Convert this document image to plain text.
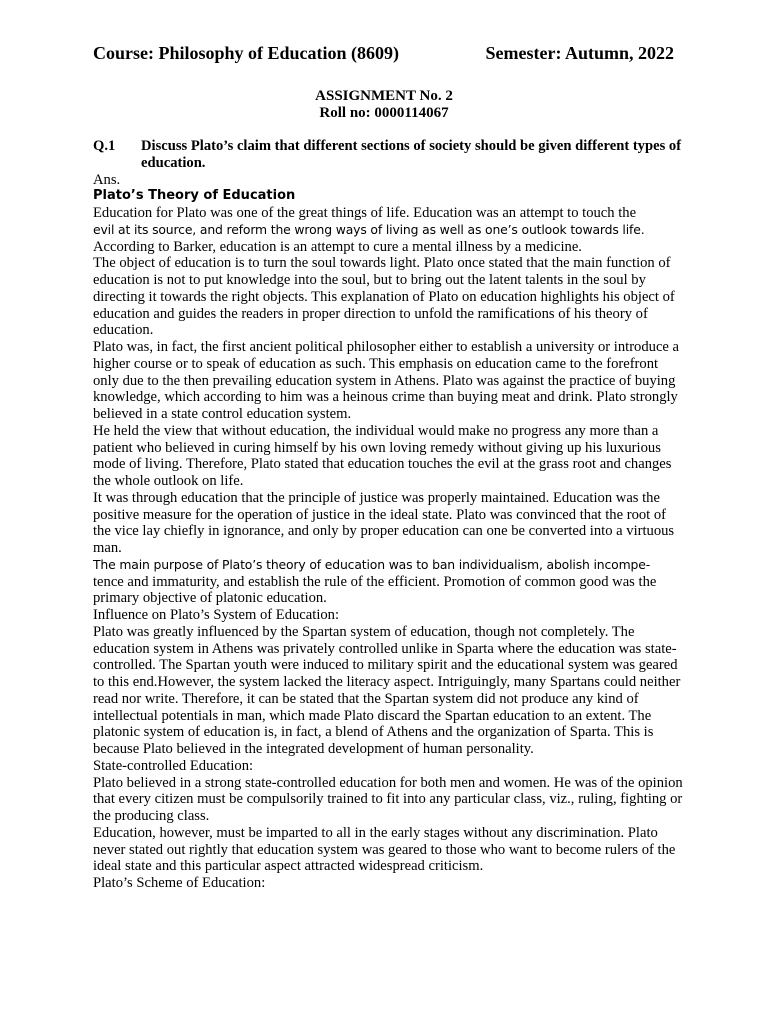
Course: Philosophy of Education (8609)	Semester: Autumn, 2022
ASSIGNMENT No. 2
Roll no: 0000114067
Q.1	Discuss Plato’s claim that different sections of society should be given different types of education.

Ans.

Plato’s Theory of Education

Education for Plato was one of the great things of life. Education was an attempt to touch the

evil at its source, and reform the wrong ways of living as well as one’s outlook towards life.

According to Barker, education is an attempt to cure a mental illness by a medicine.

The object of education is to turn the soul towards light. Plato once stated that the main function of education is not to put knowledge into the soul, but to bring out the latent talents in the soul by directing it towards the right objects. This explanation of Plato on education highlights his object of education and guides the readers in proper direction to unfold the ramifications of his theory of education.

Plato was, in fact, the first ancient political philosopher either to establish a university or introduce a higher course or to speak of education as such. This emphasis on education came to the forefront only due to the then prevailing education system in Athens. Plato was against the practice of buying knowledge, which according to him was a heinous crime than buying meat and drink. Plato strongly believed in a state control education system.

He held the view that without education, the individual would make no progress any more than a patient who believed in curing himself by his own loving remedy without giving up his luxurious mode of living. Therefore, Plato stated that education touches the evil at the grass root and changes the whole outlook on life.

It was through education that the principle of justice was properly maintained. Education was the positive measure for the operation of justice in the ideal state. Plato was convinced that the root of the vice lay chiefly in ignorance, and only by proper education can one be converted into a virtuous man.

The main purpose of Plato’s theory of education was to ban individualism, abolish incompe-

tence and immaturity, and establish the rule of the efficient. Promotion of common good was the primary objective of platonic education.

Influence on Plato’s System of Education:

Plato was greatly influenced by the Spartan system of education, though not completely. The education system in Athens was privately controlled unlike in Sparta where the education was state-controlled. The Spartan youth were induced to military spirit and the educational system was geared to this end.However, the system lacked the literacy aspect. Intriguingly, many Spartans could neither read nor write. Therefore, it can be stated that the Spartan system did not produce any kind of intellectual potentials in man, which made Plato discard the Spartan education to an extent. The platonic system of education is, in fact, a blend of Athens and the organization of Sparta. This is because Plato believed in the integrated development of human personality.

State-controlled Education:

Plato believed in a strong state-controlled education for both men and women. He was of the opinion that every citizen must be compulsorily trained to fit into any particular class, viz., ruling, fighting or the producing class.

Education, however, must be imparted to all in the early stages without any discrimination. Plato never stated out rightly that education system was geared to those who want to become rulers of the ideal state and this particular aspect attracted widespread criticism.

Plato’s Scheme of Education:
